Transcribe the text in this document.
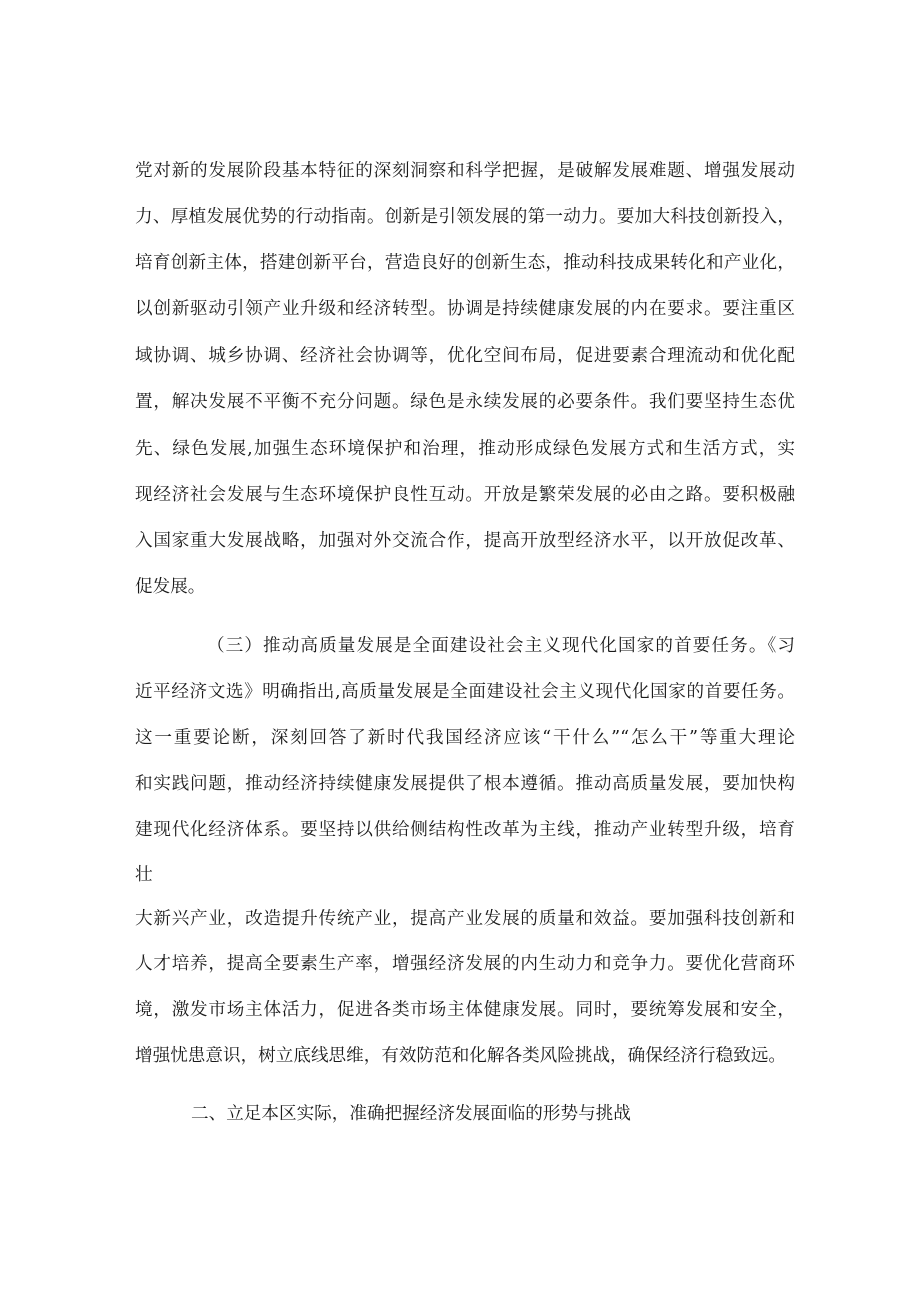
党对新的发展阶段基本特征的深刻洞察和科学把握，是破解发展难题、增强发展动
力、厚植发展优势的行动指南。创新是引领发展的第一动力。要加大科技创新投入，
培育创新主体，搭建创新平台，营造良好的创新生态，推动科技成果转化和产业化，
以创新驱动引领产业升级和经济转型。协调是持续健康发展的内在要求。要注重区
域协调、城乡协调、经济社会协调等，优化空间布局，促进要素合理流动和优化配
置，解决发展不平衡不充分问题。绿色是永续发展的必要条件。我们要坚持生态优
先、绿色发展,加强生态环境保护和治理，推动形成绿色发展方式和生活方式，实
现经济社会发展与生态环境保护良性互动。开放是繁荣发展的必由之路。要积极融
入国家重大发展战略，加强对外交流合作，提高开放型经济水平，以开放促改革、
促发展。
（三）推动高质量发展是全面建设社会主义现代化国家的首要任务。《习
近平经济文选》明确指出,高质量发展是全面建设社会主义现代化国家的首要任务。
这一重要论断，深刻回答了新时代我国经济应该“干什么”“怎么干”等重大理论
和实践问题，推动经济持续健康发展提供了根本遵循。推动高质量发展，要加快构
建现代化经济体系。要坚持以供给侧结构性改革为主线，推动产业转型升级，培育
壮
大新兴产业，改造提升传统产业，提高产业发展的质量和效益。要加强科技创新和
人才培养，提高全要素生产率，增强经济发展的内生动力和竞争力。要优化营商环
境，激发市场主体活力，促进各类市场主体健康发展。同时，要统筹发展和安全，
增强忧患意识，树立底线思维，有效防范和化解各类风险挑战，确保经济行稳致远。
二、立足本区实际，准确把握经济发展面临的形势与挑战
